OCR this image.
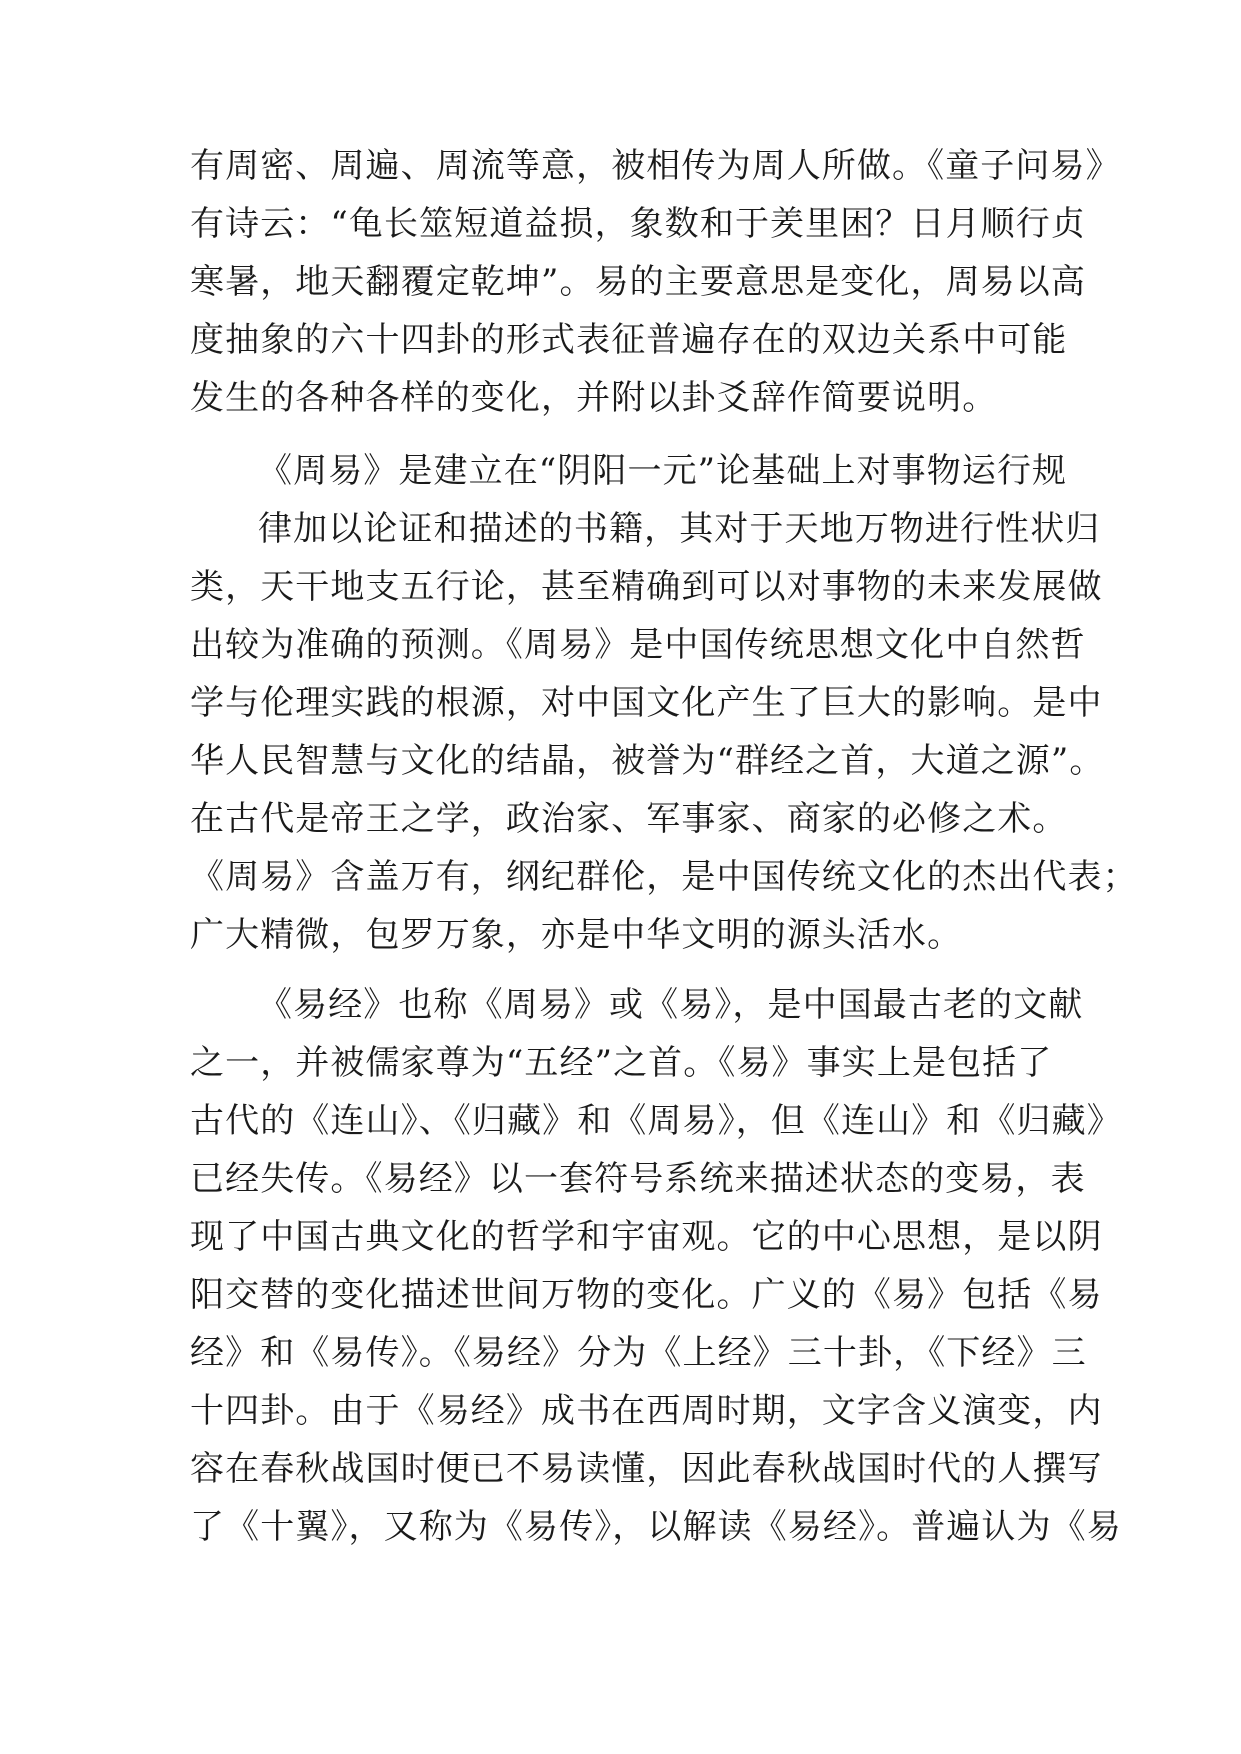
有周密、周遍、周流等意，被相传为周人所做。《童子问易》
有诗云：“龟长筮短道益损，象数和于羑里困？日月顺行贞
寒暑，地天翻覆定乾坤”。易的主要意思是变化，周易以高
度抽象的六十四卦的形式表征普遍存在的双边关系中可能
发生的各种各样的变化，并附以卦爻辞作简要说明。
《周易》是建立在“阴阳一元”论基础上对事物运行规
律加以论证和描述的书籍，其对于天地万物进行性状归
类，天干地支五行论，甚至精确到可以对事物的未来发展做
出较为准确的预测。《周易》是中国传统思想文化中自然哲
学与伦理实践的根源，对中国文化产生了巨大的影响。是中
华人民智慧与文化的结晶，被誉为“群经之首，大道之源”。
在古代是帝王之学，政治家、军事家、商家的必修之术。
《周易》含盖万有，纲纪群伦，是中国传统文化的杰出代表；
广大精微，包罗万象，亦是中华文明的源头活水。
《易经》也称《周易》或《易》，是中国最古老的文献
之一，并被儒家尊为“五经”之首。《易》事实上是包括了
古代的《连山》、《归藏》和《周易》，但《连山》和《归藏》
已经失传。《易经》以一套符号系统来描述状态的变易，表
现了中国古典文化的哲学和宇宙观。它的中心思想，是以阴
阳交替的变化描述世间万物的变化。广义的《易》包括《易
经》和《易传》。《易经》分为《上经》三十卦，《下经》三
十四卦。由于《易经》成书在西周时期，文字含义演变，内
容在春秋战国时便已不易读懂，因此春秋战国时代的人撰写
了《十翼》，又称为《易传》，以解读《易经》。普遍认为《易
